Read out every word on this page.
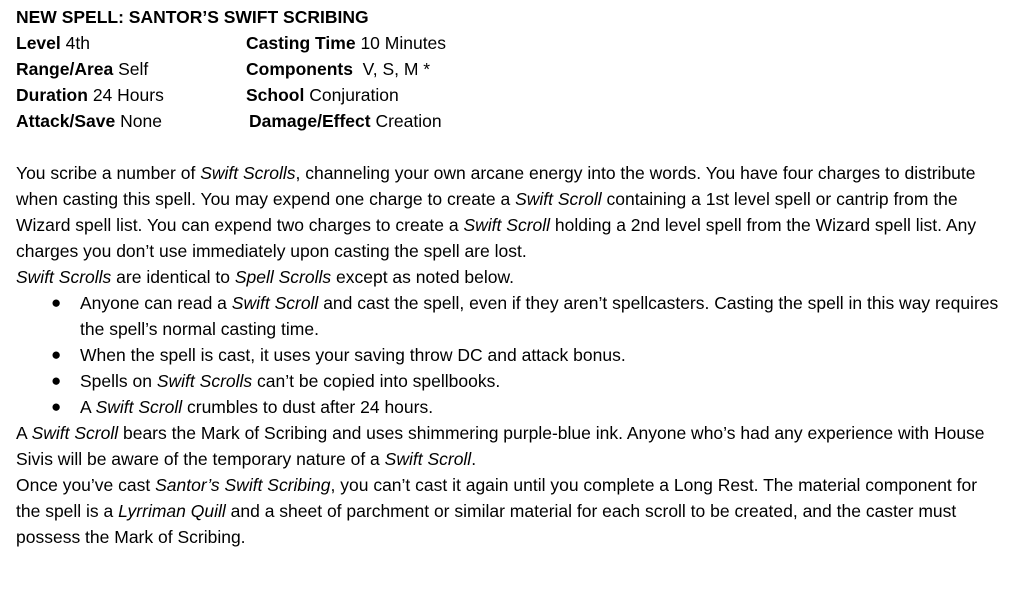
NEW SPELL: SANTOR’S SWIFT SCRIBING
Level 4th
Range/Area Self
Duration 24 Hours
Attack/Save None
Casting Time 10 Minutes
Components  V, S, M *
School Conjuration
Damage/Effect Creation

You scribe a number of Swift Scrolls, channeling your own arcane energy into the words. You have four charges to distribute when casting this spell. You may expend one charge to create a Swift Scroll containing a 1st level spell or cantrip from the Wizard spell list. You can expend two charges to create a Swift Scroll holding a 2nd level spell from the Wizard spell list. Any charges you don’t use immediately upon casting the spell are lost.

Swift Scrolls are identical to Spell Scrolls except as noted below.

● Anyone can read a Swift Scroll and cast the spell, even if they aren’t spellcasters. Casting the spell in this way requires the spell’s normal casting time.
● When the spell is cast, it uses your saving throw DC and attack bonus.
● Spells on Swift Scrolls can’t be copied into spellbooks.
● A Swift Scroll crumbles to dust after 24 hours.

A Swift Scroll bears the Mark of Scribing and uses shimmering purple-blue ink. Anyone who’s had any experience with House Sivis will be aware of the temporary nature of a Swift Scroll.

Once you’ve cast Santor’s Swift Scribing, you can’t cast it again until you complete a Long Rest. The material component for the spell is a Lyrriman Quill and a sheet of parchment or similar material for each scroll to be created, and the caster must possess the Mark of Scribing.
